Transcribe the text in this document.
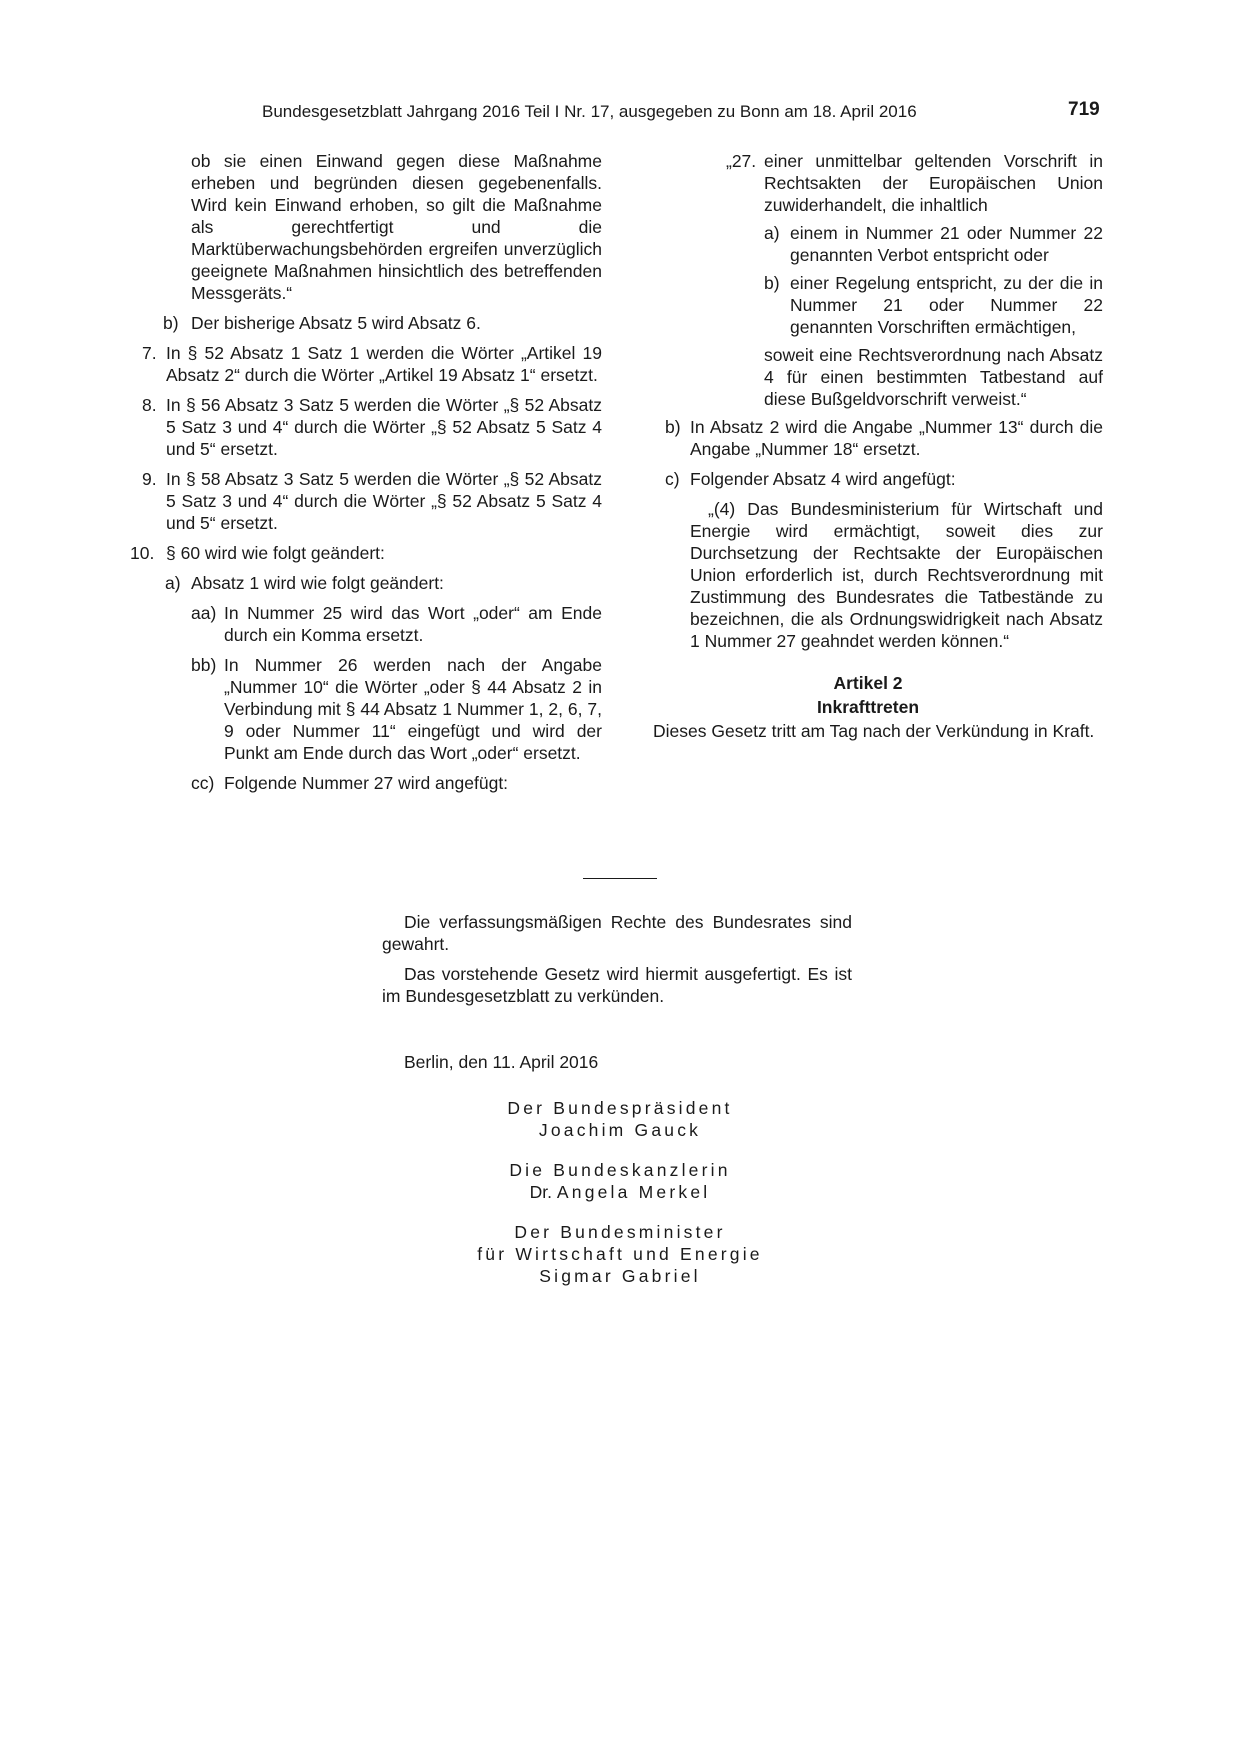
Bundesgesetzblatt Jahrgang 2016 Teil I Nr. 17, ausgegeben zu Bonn am 18. April 2016	719
ob sie einen Einwand gegen diese Maßnahme erheben und begründen diesen gegebenenfalls. Wird kein Einwand erhoben, so gilt die Maßnahme als gerechtfertigt und die Marktüberwachungsbehörden ergreifen unverzüglich geeignete Maßnahmen hinsichtlich des betreffenden Messgeräts.“
b) Der bisherige Absatz 5 wird Absatz 6.
7. In § 52 Absatz 1 Satz 1 werden die Wörter „Artikel 19 Absatz 2“ durch die Wörter „Artikel 19 Absatz 1“ ersetzt.
8. In § 56 Absatz 3 Satz 5 werden die Wörter „§ 52 Absatz 5 Satz 3 und 4“ durch die Wörter „§ 52 Absatz 5 Satz 4 und 5“ ersetzt.
9. In § 58 Absatz 3 Satz 5 werden die Wörter „§ 52 Absatz 5 Satz 3 und 4“ durch die Wörter „§ 52 Absatz 5 Satz 4 und 5“ ersetzt.
10. § 60 wird wie folgt geändert:
a) Absatz 1 wird wie folgt geändert:
aa) In Nummer 25 wird das Wort „oder“ am Ende durch ein Komma ersetzt.
bb) In Nummer 26 werden nach der Angabe „Nummer 10“ die Wörter „oder § 44 Absatz 2 in Verbindung mit § 44 Absatz 1 Nummer 1, 2, 6, 7, 9 oder Nummer 11“ eingefügt und wird der Punkt am Ende durch das Wort „oder“ ersetzt.
cc) Folgende Nummer 27 wird angefügt:
„27. einer unmittelbar geltenden Vorschrift in Rechtsakten der Europäischen Union zuwiderhandelt, die inhaltlich
a) einem in Nummer 21 oder Nummer 22 genannten Verbot entspricht oder
b) einer Regelung entspricht, zu der die in Nummer 21 oder Nummer 22 genannten Vorschriften ermächtigen,
soweit eine Rechtsverordnung nach Absatz 4 für einen bestimmten Tatbestand auf diese Bußgeldvorschrift verweist.“
b) In Absatz 2 wird die Angabe „Nummer 13“ durch die Angabe „Nummer 18“ ersetzt.
c) Folgender Absatz 4 wird angefügt:
„(4) Das Bundesministerium für Wirtschaft und Energie wird ermächtigt, soweit dies zur Durchsetzung der Rechtsakte der Europäischen Union erforderlich ist, durch Rechtsverordnung mit Zustimmung des Bundesrates die Tatbestände zu bezeichnen, die als Ordnungswidrigkeit nach Absatz 1 Nummer 27 geahndet werden können.“
Artikel 2
Inkrafttreten
Dieses Gesetz tritt am Tag nach der Verkündung in Kraft.
Die verfassungsmäßigen Rechte des Bundesrates sind gewahrt.
Das vorstehende Gesetz wird hiermit ausgefertigt. Es ist im Bundesgesetzblatt zu verkünden.
Berlin, den 11. April 2016
Der Bundespräsident
Joachim Gauck
Die Bundeskanzlerin
Dr. Angela Merkel
Der Bundesminister
für Wirtschaft und Energie
Sigmar Gabriel
